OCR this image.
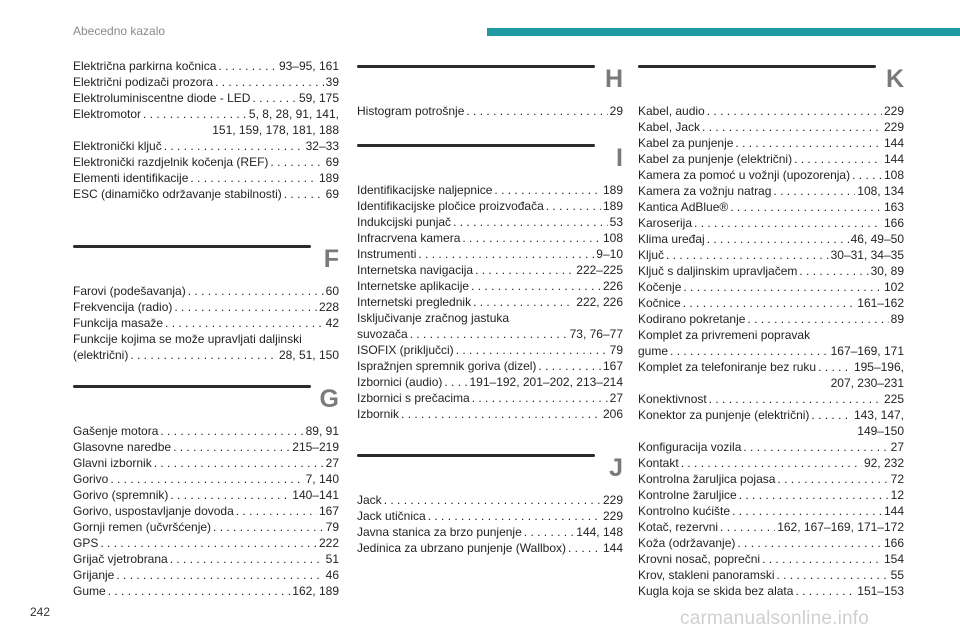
Abecedno kazalo
242	carmanualsonline.info
Električna parkirna kočnica . . .	93–95, 161
Električni podizači prozora . . .	39
Elektroluminiscentne diode - LED . . .	59, 175
Elektromotor . . .	5, 8, 28, 91, 141,
151, 159, 178, 181, 188
Elektronički ključ . . .	32–33
Elektronički razdjelnik kočenja (REF) . . .	69
Elementi identifikacije . . .	189
ESC (dinamičko održavanje stabilnosti) . . .	69
F
Farovi (podešavanja) . . .	60
Frekvencija (radio) . . .	228
Funkcija masaže . . .	42
Funkcije kojima se može upravljati daljinski
(električni) . . .	28, 51, 150
G
Gašenje motora . . .	89, 91
Glasovne naredbe . . .	215–219
Glavni izbornik . . .	27
Gorivo . . .	7, 140
Gorivo (spremnik) . . .	140–141
Gorivo, uspostavljanje dovoda . . .	167
Gornji remen (učvršćenje) . . .	79
GPS . . .	222
Grijač vjetrobrana . . .	51
Grijanje . . .	46
Gume . . .	162, 189
H
Histogram potrošnje . . .	29
I
Identifikacijske naljepnice . . .	189
Identifikacijske pločice proizvođača . . .	189
Indukcijski punjač . . .	53
Infracrvena kamera . . .	108
Instrumenti . . .	9–10
Internetska navigacija . . .	222–225
Internetske aplikacije . . .	226
Internetski preglednik . . .	222, 226
Isključivanje zračnog jastuka
suvozača . . .	73, 76–77
ISOFIX (priključci) . . .	79
Ispražnjen spremnik goriva (dizel) . . .	167
Izbornici (audio) . . . 191–192, 201–202, 213–214
Izbornici s prečacima . . .	27
Izbornik . . .	206
J
Jack . . .	229
Jack utičnica . . .	229
Javna stanica za brzo punjenje . . .	144, 148
Jedinica za ubrzano punjenje (Wallbox) . . .	144
K
Kabel, audio . . .	229
Kabel, Jack . . .	229
Kabel za punjenje . . .	144
Kabel za punjenje (električni) . . .	144
Kamera za pomoć u vožnji (upozorenja) . . .	108
Kamera za vožnju natrag . . .	108, 134
Kantica AdBlue® . . .	163
Karoserija . . .	166
Klima uređaj . . .	46, 49–50
Ključ . . .	30–31, 34–35
Ključ s daljinskim upravljačem . . .	30, 89
Kočenje . . .	102
Kočnice . . .	161–162
Kodirano pokretanje . . .	89
Komplet za privremeni popravak
gume . . .	167–169, 171
Komplet za telefoniranje bez ruku . . .	195–196,
207, 230–231
Konektivnost . . .	225
Konektor za punjenje (električni) . . .	143, 147,
149–150
Konfiguracija vozila . . .	27
Kontakt . . .	92, 232
Kontrolna žaruljica pojasa . . .	72
Kontrolne žaruljice . . .	12
Kontrolno kućište . . .	144
Kotač, rezervni . . .	162, 167–169, 171–172
Koža (održavanje) . . .	166
Krovni nosač, poprečni . . .	154
Krov, stakleni panoramski . . .	55
Kugla koja se skida bez alata . . .	151–153
